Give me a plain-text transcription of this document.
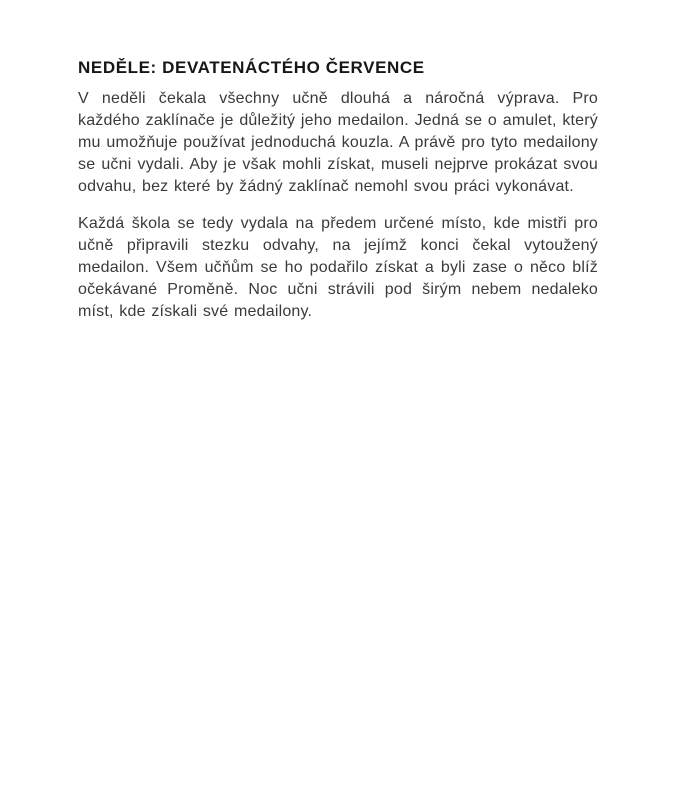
NEDĚLE: DEVATENÁCTÉHO ČERVENCE

V neděli čekala všechny učně dlouhá a náročná výprava. Pro každého zaklínače je důležitý jeho medailon. Jedná se o amulet, který mu umožňuje používat jednoduchá kouzla. A právě pro tyto medailony se učni vydali. Aby je však mohli získat, museli nejprve prokázat svou odvahu, bez které by žádný zaklínač nemohl svou práci vykonávat.

Každá škola se tedy vydala na předem určené místo, kde mistři pro učně připravili stezku odvahy, na jejímž konci čekal vytoužený medailon. Všem učňům se ho podařilo získat a byli zase o něco blíž očekávané Proměně. Noc učni strávili pod širým nebem nedaleko míst, kde získali své medailony.
